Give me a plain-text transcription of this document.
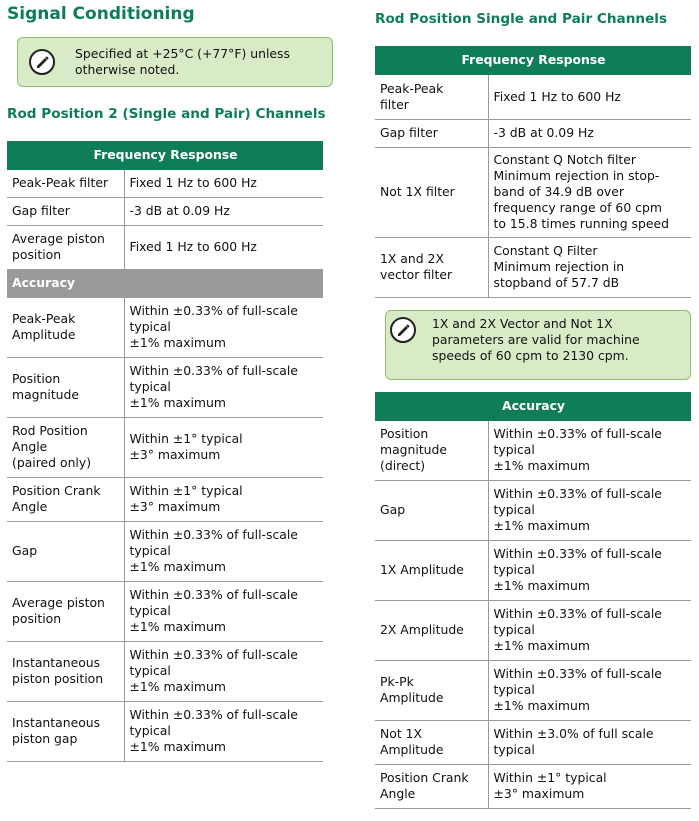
Signal Conditioning
Specified at +25°C (+77°F) unless
otherwise noted.
Rod Position 2 (Single and Pair) Channels
Frequency Response	

Peak-Peak filter	Fixed 1 Hz to 600 Hz

Gap filter	-3 dB at 0.09 Hz

Average piston
position	Fixed 1 Hz to 600 Hz

Accuracy	

Peak-Peak
Amplitude	Within ±0.33% of full-scale
typical
±1% maximum

Position
magnitude	Within ±0.33% of full-scale
typical
±1% maximum

Rod Position
Angle
(paired only)	Within ±1° typical
±3° maximum

Position Crank
Angle	Within ±1° typical
±3° maximum

Gap	Within ±0.33% of full-scale
typical
±1% maximum

Average piston
position	Within ±0.33% of full-scale
typical
±1% maximum

Instantaneous
piston position	Within ±0.33% of full-scale
typical
±1% maximum

Instantaneous
piston gap	Within ±0.33% of full-scale
typical
±1% maximum
Rod Position Single and Pair Channels
Frequency Response	

Peak-Peak
filter	Fixed 1 Hz to 600 Hz

Gap filter	-3 dB at 0.09 Hz

Not 1X filter	Constant Q Notch filter
Minimum rejection in stop-
band of 34.9 dB over
frequency range of 60 cpm
to 15.8 times running speed

1X and 2X
vector filter	Constant Q Filter
Minimum rejection in
stopband of 57.7 dB
1X and 2X Vector and Not 1X
parameters are valid for machine
speeds of 60 cpm to 2130 cpm.
Accuracy	

Position
magnitude
(direct)	Within ±0.33% of full-scale
typical
±1% maximum

Gap	Within ±0.33% of full-scale
typical
±1% maximum

1X Amplitude	Within ±0.33% of full-scale
typical
±1% maximum

2X Amplitude	Within ±0.33% of full-scale
typical
±1% maximum

Pk-Pk
Amplitude	Within ±0.33% of full-scale
typical
±1% maximum

Not 1X
Amplitude	Within ±3.0% of full scale
typical

Position Crank
Angle	Within ±1° typical
±3° maximum
